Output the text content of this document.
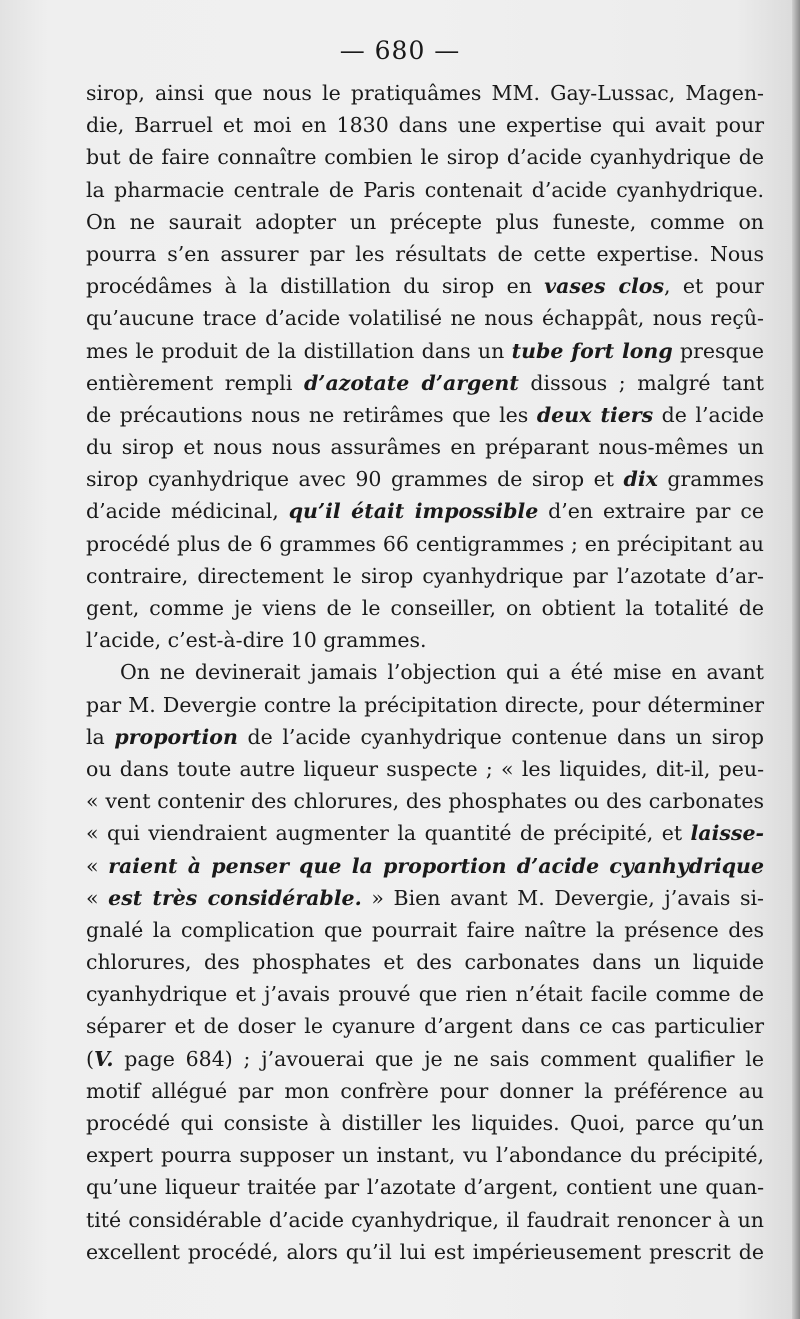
— 680 —
sirop, ainsi que nous le pratiquâmes MM. Gay-Lussac, Magen-
die, Barruel et moi en 1830 dans une expertise qui avait pour
but de faire connaître combien le sirop d’acide cyanhydrique de
la pharmacie centrale de Paris contenait d’acide cyanhydrique.
On ne saurait adopter un précepte plus funeste, comme on
pourra s’en assurer par les résultats de cette expertise. Nous
procédâmes à la distillation du sirop en vases clos, et pour
qu’aucune trace d’acide volatilisé ne nous échappât, nous reçû-
mes le produit de la distillation dans un tube fort long presque
entièrement rempli d’azotate d’argent dissous ; malgré tant
de précautions nous ne retirâmes que les deux tiers de l’acide
du sirop et nous nous assurâmes en préparant nous-mêmes un
sirop cyanhydrique avec 90 grammes de sirop et dix grammes
d’acide médicinal, qu’il était impossible d’en extraire par ce
procédé plus de 6 grammes 66 centigrammes ; en précipitant au
contraire, directement le sirop cyanhydrique par l’azotate d’ar-
gent, comme je viens de le conseiller, on obtient la totalité de
l’acide, c’est-à-dire 10 grammes.
On ne devinerait jamais l’objection qui a été mise en avant
par M. Devergie contre la précipitation directe, pour déterminer
la proportion de l’acide cyanhydrique contenue dans un sirop
ou dans toute autre liqueur suspecte ; « les liquides, dit-il, peu-
« vent contenir des chlorures, des phosphates ou des carbonates
« qui viendraient augmenter la quantité de précipité, et laisse-
« raient à penser que la proportion d’acide cyanhydrique
« est très considérable. » Bien avant M. Devergie, j’avais si-
gnalé la complication que pourrait faire naître la présence des
chlorures, des phosphates et des carbonates dans un liquide
cyanhydrique et j’avais prouvé que rien n’était facile comme de
séparer et de doser le cyanure d’argent dans ce cas particulier
(V. page 684) ; j’avouerai que je ne sais comment qualifier le
motif allégué par mon confrère pour donner la préférence au
procédé qui consiste à distiller les liquides. Quoi, parce qu’un
expert pourra supposer un instant, vu l’abondance du précipité,
qu’une liqueur traitée par l’azotate d’argent, contient une quan-
tité considérable d’acide cyanhydrique, il faudrait renoncer à un
excellent procédé, alors qu’il lui est impérieusement prescrit de
